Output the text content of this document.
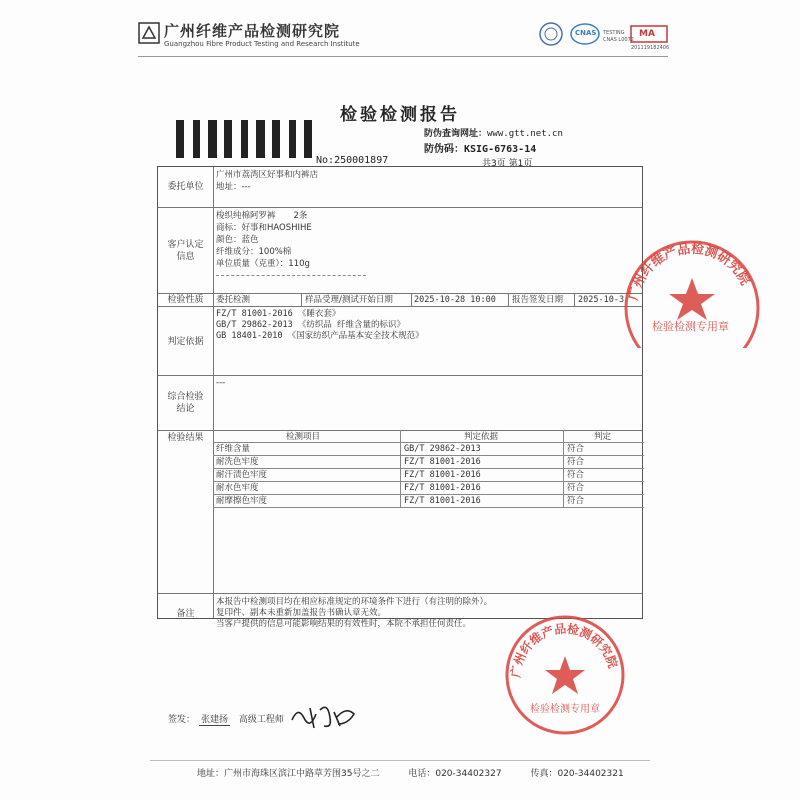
广州纤维产品检测研究院
Guangzhou Fibre Product Testing and Research Institute
CNAS TESTING
CNAS L0072
MA
201119182406
检验检测报告
No:250001897
防伪查询网址：www.gtt.net.cn
防伪码：KSIG-6763-14
共3页 第1页
委托单位
广州市荔湾区好事和内裤店
地址：---
客户认定
信息
梭织纯棉阿罗裤 2条
商标：好事和HAOSHIHE
颜色：蓝色
纤维成分：100%棉
单位质量（克重）：110g
检验性质	委托检测	样品受理/测试开始日期 2025-10-28 10:00 报告签发日期 2025-10-3
判定依据
FZ/T 81001-2016 《睡衣套》
GB/T 29862-2013 《纺织品 纤维含量的标识》
GB 18401-2010 《国家纺织产品基本安全技术规范》
综合检验
结论
---
检验结果	检测项目	判定依据	判定
纤维含量	GB/T 29862-2013	符合
耐洗色牢度	FZ/T 81001-2016	符合
耐汗渍色牢度	FZ/T 81001-2016	符合
耐水色牢度	FZ/T 81001-2016	符合
耐摩擦色牢度	FZ/T 81001-2016	符合
备注
本报告中检测项目均在相应标准规定的环境条件下进行（有注明的除外）。
复印件、副本未重新加盖报告书确认章无效。
当客户提供的信息可能影响结果的有效性时，本院不承担任何责任。
广州纤维产品检测研究院
检验检测专用章
广州纤维产品检测研究院
检验检测专用章
签发： 张建扬 高级工程师
地址：广州市海珠区滨江中路草芳围35号之二	电话：020-34402327	传真：020-34402321
